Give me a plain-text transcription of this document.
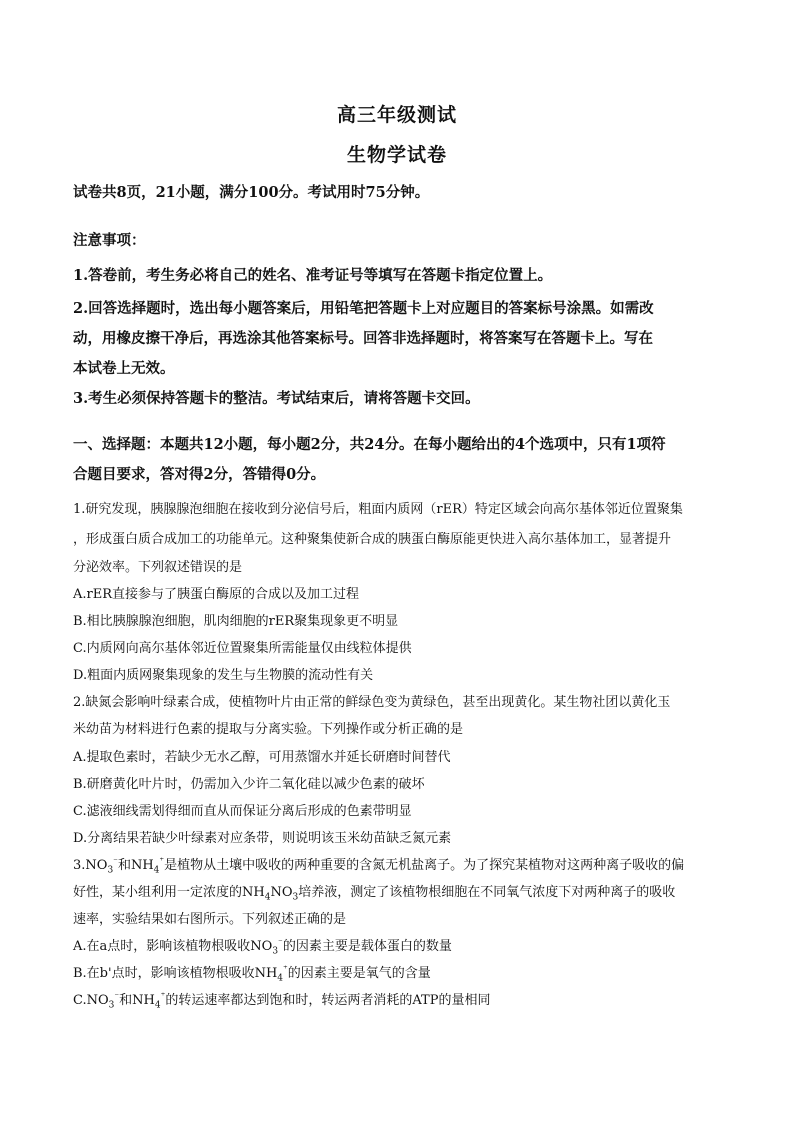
高三年级测试
生物学试卷
试卷共8页，21小题，满分100分。考试用时75分钟。
注意事项：
1.答卷前，考生务必将自己的姓名、准考证号等填写在答题卡指定位置上。
2.回答选择题时，选出每小题答案后，用铅笔把答题卡上对应题目的答案标号涂黑。如需改
动，用橡皮擦干净后，再选涂其他答案标号。回答非选择题时，将答案写在答题卡上。写在
本试卷上无效。
3.考生必须保持答题卡的整洁。考试结束后，请将答题卡交回。
一、选择题：本题共12小题，每小题2分，共24分。在每小题给出的4个选项中，只有1项符
合题目要求，答对得2分，答错得0分。
1.研究发现，胰腺腺泡细胞在接收到分泌信号后，粗面内质网（rER）特定区域会向高尔基体邻近位置聚集
，形成蛋白质合成加工的功能单元。这种聚集使新合成的胰蛋白酶原能更快进入高尔基体加工，显著提升
分泌效率。下列叙述错误的是
A.rER直接参与了胰蛋白酶原的合成以及加工过程
B.相比胰腺腺泡细胞，肌肉细胞的rER聚集现象更不明显
C.内质网向高尔基体邻近位置聚集所需能量仅由线粒体提供
D.粗面内质网聚集现象的发生与生物膜的流动性有关
2.缺氮会影响叶绿素合成，使植物叶片由正常的鲜绿色变为黄绿色，甚至出现黄化。某生物社团以黄化玉
米幼苗为材料进行色素的提取与分离实验。下列操作或分析正确的是
A.提取色素时，若缺少无水乙醇，可用蒸馏水并延长研磨时间替代
B.研磨黄化叶片时，仍需加入少许二氧化硅以减少色素的破坏
C.滤液细线需划得细而直从而保证分离后形成的色素带明显
D.分离结果若缺少叶绿素对应条带，则说明该玉米幼苗缺乏氮元素
$3.NO_3^{^-}$和$NH_4^{^+}$是植物从土壤中吸收的两种重要的含氮无机盐离子。为了探究某植物对这两种离子吸收的偏
好性，某小组利用一定浓度的$NH_4NO_3$培养液，测定了该植物根细胞在不同氧气浓度下对两种离子的吸收
速率，实验结果如右图所示。下列叙述正确的是
A.在a点时，影响该植物根吸收$NO_3^{^-}$的因素主要是载体蛋白的数量
B.在b'点时，影响该植物根吸收$NH_4^{^+}$的因素主要是氧气的含量
$C.NO_3^{^-}$和$NH_4^{^+}$的转运速率都达到饱和时，转运两者消耗的ATP的量相同
